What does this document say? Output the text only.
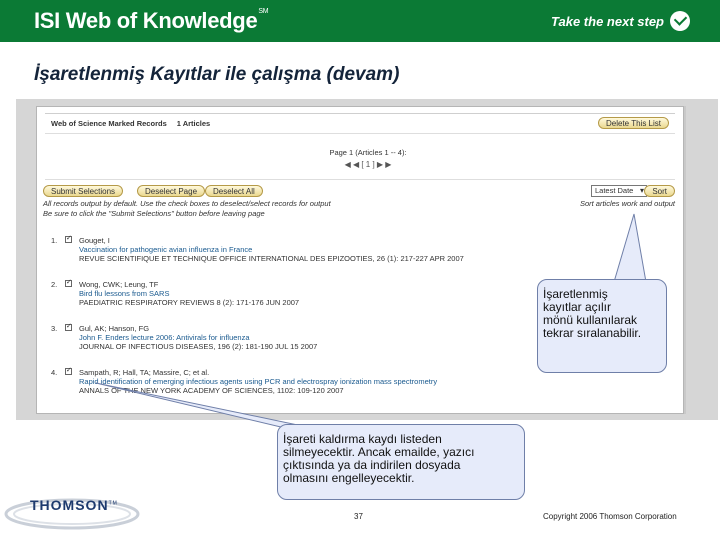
ISI Web of Knowledge℠
Take the next step
İşaretlenmiş Kayıtlar ile çalışma (devam)
Web of Science Marked Records 1 Articles	Delete This List
Page 1 (Articles 1 -- 4):
◀ ◀ [ 1 ] ▶ ▶
Submit Selections	Deselect Page	Deselect All	Latest Date ▾	Sort
All records output by default. Use the check boxes to deselect/select records for output
Be sure to click the "Submit Selections" button before leaving page
Sort articles work and output
1. ✓	Gouget, I
Vaccination for pathogenic avian influenza in France
REVUE SCIENTIFIQUE ET TECHNIQUE OFFICE INTERNATIONAL DES EPIZOOTIES, 26 (1): 217-227 APR 2007
2. ✓	Wong, CWK; Leung, TF
Bird flu lessons from SARS
PAEDIATRIC RESPIRATORY REVIEWS 8 (2): 171-176 JUN 2007
3. ✓	Gul, AK; Hanson, FG
John F. Enders lecture 2006: Antivirals for influenza
JOURNAL OF INFECTIOUS DISEASES, 196 (2): 181-190 JUL 15 2007
4. ✓	Sampath, R; Hall, TA; Massire, C; et al.
Rapid identification of emerging infectious agents using PCR and electrospray ionization mass spectrometry
ANNALS OF THE NEW YORK ACADEMY OF SCIENCES, 1102: 109-120 2007
İşaretlenmiş
kayıtlar açılır
mönü kullanılarak
tekrar sıralanabilir.
İşareti kaldırma kaydı listeden
silmeyecektir. Ancak emailde, yazıcı
çıktısında ya da indirilen dosyada
olmasını engelleyecektir.
THOMSON™
37	Copyright 2006 Thomson Corporation
